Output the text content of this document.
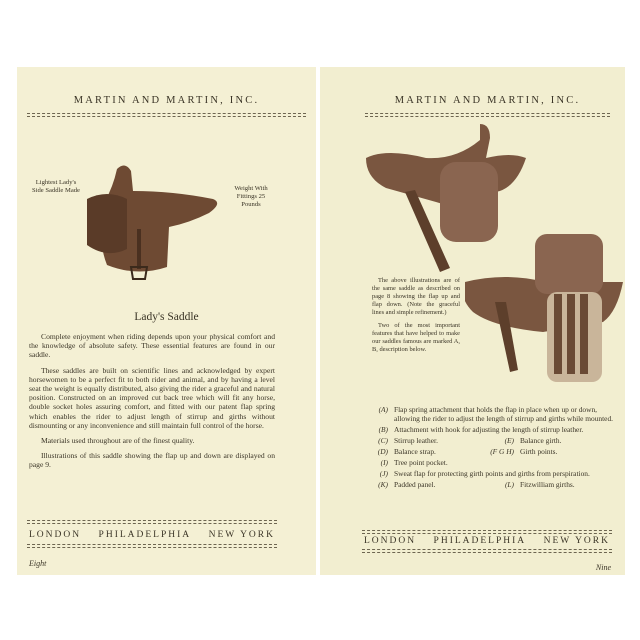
MARTIN AND MARTIN, INC.
Lightest Lady's Side Saddle Made	Weight With Fittings 25 Pounds
Lady's Saddle

Complete enjoyment when riding depends upon your physical comfort and the knowledge of absolute safety. These essential features are found in our saddle.

These saddles are built on scientific lines and acknowledged by expert horsewomen to be a perfect fit to both rider and animal, and by having a level seat the weight is equally distributed, also giving the rider a graceful and natural position. Constructed on an improved cut back tree which will fit any horse, double socket holes assuring comfort, and fitted with our patent flap spring which enables the rider to adjust length of stirrup and girths without dismounting or any inconvenience and still maintain full control of the horse.

Materials used throughout are of the finest quality.

Illustrations of this saddle showing the flap up and down are displayed on page 9.

LONDON PHILADELPHIA NEW YORK
Eight
MARTIN AND MARTIN, INC.

The above illustrations are of the same saddle as described on page 8 showing the flap up and flap down. (Note the graceful lines and simple refinement.)

Two of the most important features that have helped to make our saddles famous are marked A, B, description below.

(A) Flap spring attachment that holds the flap in place when up or down, allowing the rider to adjust the length of stirrup and girths while mounted.
(B) Attachment with hook for adjusting the length of stirrup leather.
(C) Stirrup leather.	(E) Balance girth.
(D) Balance strap.	(F G H) Girth points.
(I) Tree point pocket.
(J) Sweat flap for protecting girth points and girths from perspiration.
(K) Padded panel.	(L) Fitzwilliam girths.
LONDON PHILADELPHIA NEW YORK
Nine
